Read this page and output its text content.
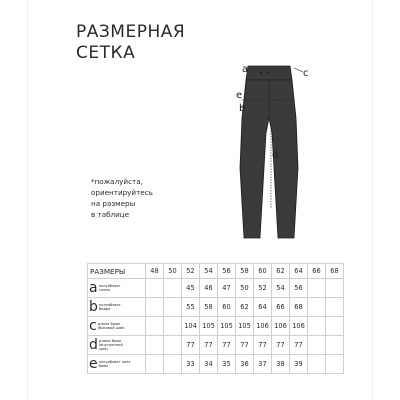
РАЗМЕРНАЯ
СЕТКА
*пожалуйста,
ориентируйтесь
на размеры
в таблице
a	c
e
b
d
РАЗМЕРЫ	48	50	52	54	56	58	60	62	64	66	68
aполуобхват талии			45	46	47	50	52	54	56		
bполуобхват бедра			55	58	60	62	64	66	68		
cдлина брюк (боковой шов)			104	105	105	105	106	106	106		
dдлина брюк (внутренний шов)			77	77	77	77	77	77	77		
eполуобхват низа брюк			33	34	35	36	37	38	39		
